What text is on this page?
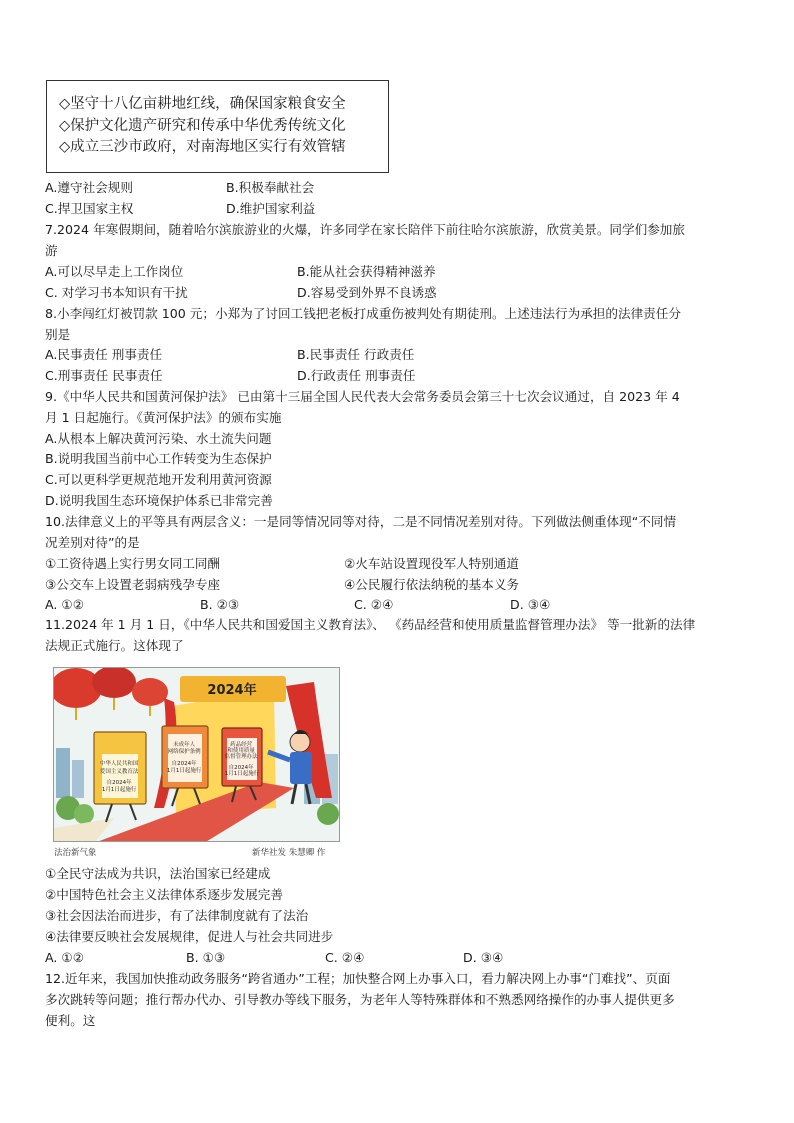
◇坚守十八亿亩耕地红线，确保国家粮食安全
◇保护文化遗产研究和传承中华优秀传统文化
◇成立三沙市政府，对南海地区实行有效管辖
A.遵守社会规则	B.积极奉献社会
C.捍卫国家主权	D.维护国家利益
7.2024 年寒假期间，随着哈尔滨旅游业的火爆，许多同学在家长陪伴下前往哈尔滨旅游，欣赏美景。同学们参加旅
游
A.可以尽早走上工作岗位	B.能从社会获得精神滋养
C. 对学习书本知识有干扰	D.容易受到外界不良诱惑
8.小李闯红灯被罚款 100 元；小郑为了讨回工钱把老板打成重伤被判处有期徒刑。上述违法行为承担的法律责任分
别是
A.民事责任 刑事责任	B.民事责任 行政责任
C.刑事责任 民事责任	D.行政责任 刑事责任
9.《中华人民共和国黄河保护法》 已由第十三届全国人民代表大会常务委员会第三十七次会议通过，自 2023 年 4
月 1 日起施行。《黄河保护法》的颁布实施
A.从根本上解决黄河污染、水土流失问题
B.说明我国当前中心工作转变为生态保护
C.可以更科学更规范地开发利用黄河资源
D.说明我国生态环境保护体系已非常完善
10.法律意义上的平等具有两层含义：一是同等情况同等对待，二是不同情况差别对待。下列做法侧重体现“不同情
况差别对待”的是
①工资待遇上实行男女同工同酬	②火车站设置现役军人特别通道
③公交车上设置老弱病残孕专座	④公民履行依法纳税的基本义务
A. ①②	B. ②③	C. ②④	D. ③④
11.2024 年 1 月 1 日，《中华人民共和国爱国主义教育法》、 《药品经营和使用质量监督管理办法》 等一批新的法律
法规正式施行。这体现了
2024年
中华人民共和国 爱国主义教育法 自2024年 1月1日起施行 未成年人 网络保护条例 自2024年 1月1日起施行 药品经营 和使用质量 监督管理办法 自2024年 1月1日起施行
法治新气象	新华社发 朱慧卿 作
①全民守法成为共识，法治国家已经建成
②中国特色社会主义法律体系逐步发展完善
③社会因法治而进步，有了法律制度就有了法治
④法律要反映社会发展规律，促进人与社会共同进步
A. ①②	B. ①③	C. ②④	D. ③④
12.近年来，我国加快推动政务服务“跨省通办”工程；加快整合网上办事入口，看力解决网上办事“门难找”、页面
多次跳转等问题；推行帮办代办、引导教办等线下服务，为老年人等特殊群体和不熟悉网络操作的办事人提供更多
便利。这
